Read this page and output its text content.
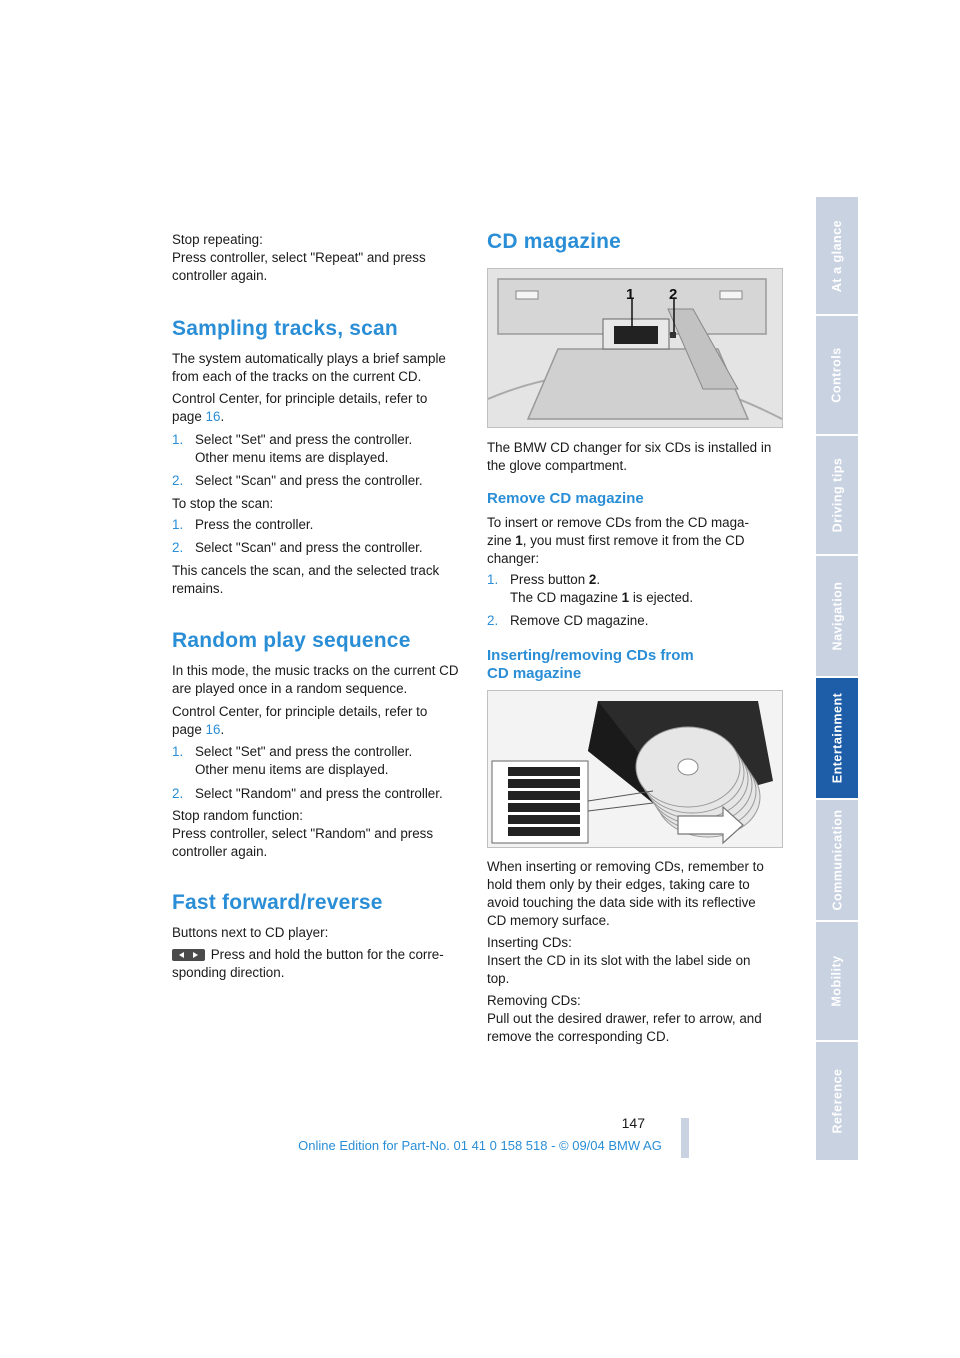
Stop repeating:

Press controller, select "Repeat" and press

controller again.

Sampling tracks, scan

The system automatically plays a brief sample

from each of the tracks on the current CD.

Control Center, for principle details, refer to

page 16.

1. Select "Set" and press the controller.

Other menu items are displayed.

2. Select "Scan" and press the controller.

To stop the scan:

1. Press the controller.

2. Select "Scan" and press the controller.

This cancels the scan, and the selected track

remains.

Random play sequence

In this mode, the music tracks on the current CD

are played once in a random sequence.

Control Center, for principle details, refer to

page 16.

1. Select "Set" and press the controller.

Other menu items are displayed.

2. Select "Random" and press the controller.

Stop random function:

Press controller, select "Random" and press

controller again.

Fast forward/reverse

Buttons next to CD player:

Press and hold the button for the corre-

sponding direction.

CD magazine
1 2

The BMW CD changer for six CDs is installed in

the glove compartment.

Remove CD magazine

To insert or remove CDs from the CD maga-

zine 1, you must first remove it from the CD

changer:

1. Press button 2.

The CD magazine 1 is ejected.

2. Remove CD magazine.

Inserting/removing CDs from
CD magazine

When inserting or removing CDs, remember to

hold them only by their edges, taking care to

avoid touching the data side with its reflective

CD memory surface.

Inserting CDs:

Insert the CD in its slot with the label side on

top.

Removing CDs:

Pull out the desired drawer, refer to arrow, and

remove the corresponding CD.

At a glance
Controls
Driving tips
Navigation
Entertainment
Communication
Mobility
Reference
147
Online Edition for Part-No. 01 41 0 158 518 - © 09/04 BMW AG
